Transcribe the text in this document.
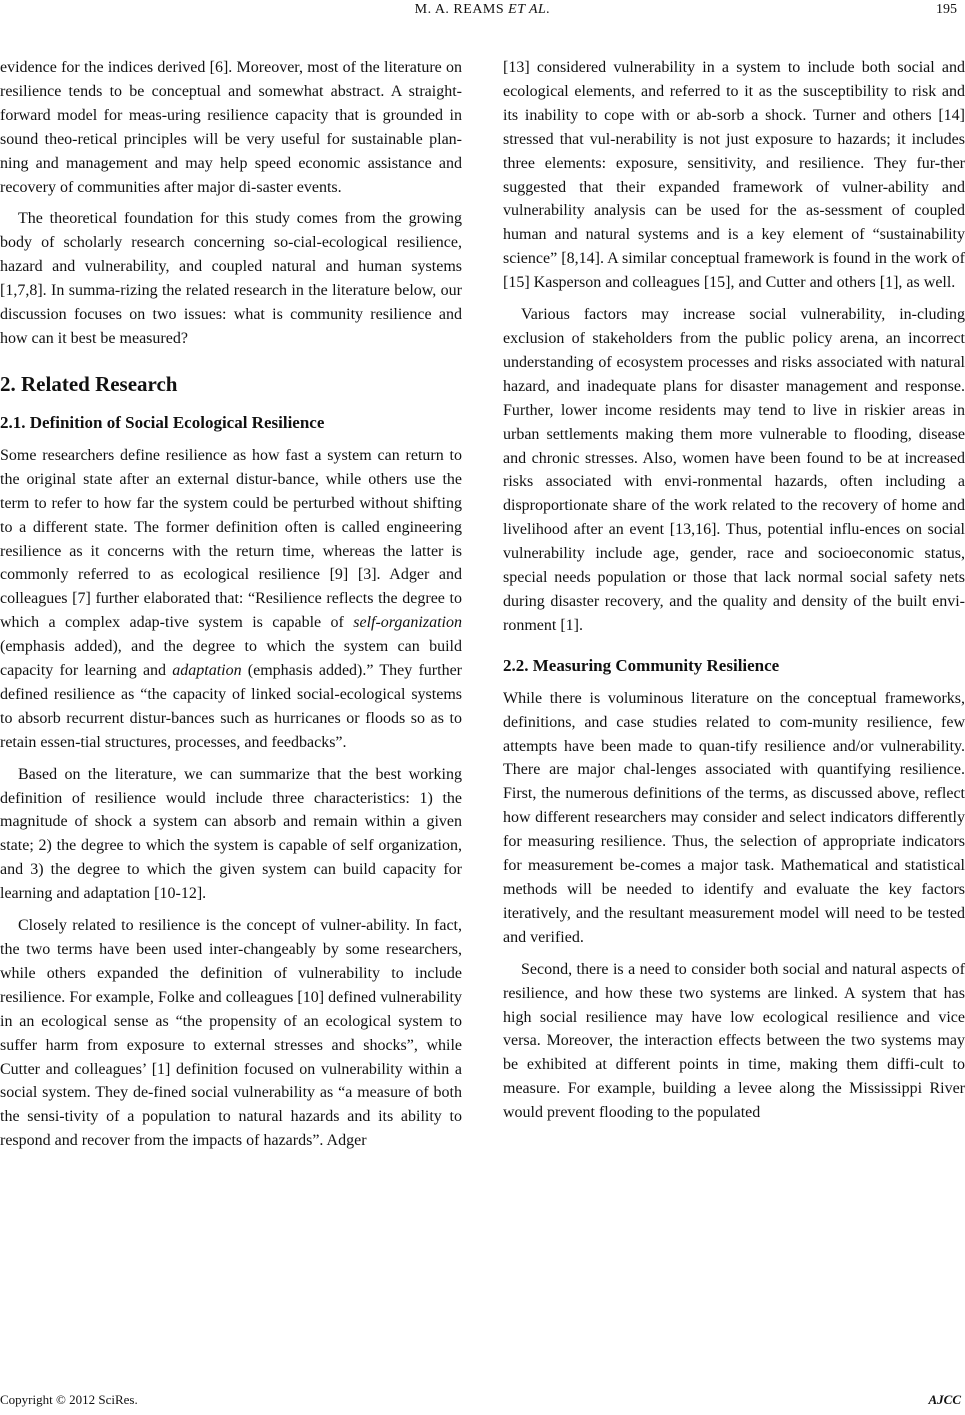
M. A. REAMS ET AL.	195

evidence for the indices derived [6]. Moreover, most of the literature on resilience tends to be conceptual and somewhat abstract. A straight-forward model for meas-uring resilience capacity that is grounded in sound theo-retical principles will be very useful for sustainable plan-ning and management and may help speed economic assistance and recovery of communities after major di-saster events.

The theoretical foundation for this study comes from the growing body of scholarly research concerning so-cial-ecological resilience, hazard and vulnerability, and coupled natural and human systems [1,7,8]. In summa-rizing the related research in the literature below, our discussion focuses on two issues: what is community resilience and how can it best be measured?

2. Related Research
2.1. Definition of Social Ecological Resilience

Some researchers define resilience as how fast a system can return to the original state after an external distur-bance, while others use the term to refer to how far the system could be perturbed without shifting to a different state. The former definition often is called engineering resilience as it concerns with the return time, whereas the latter is commonly referred to as ecological resilience [9] [3]. Adger and colleagues [7] further elaborated that: “Resilience reflects the degree to which a complex adap-tive system is capable of self-organization (emphasis added), and the degree to which the system can build capacity for learning and adaptation (emphasis added).” They further defined resilience as “the capacity of linked social-ecological systems to absorb recurrent distur-bances such as hurricanes or floods so as to retain essen-tial structures, processes, and feedbacks”.

Based on the literature, we can summarize that the best working definition of resilience would include three characteristics: 1) the magnitude of shock a system can absorb and remain within a given state; 2) the degree to which the system is capable of self organization, and 3) the degree to which the given system can build capacity for learning and adaptation [10-12].

Closely related to resilience is the concept of vulner-ability. In fact, the two terms have been used inter-changeably by some researchers, while others expanded the definition of vulnerability to include resilience. For example, Folke and colleagues [10] defined vulnerability in an ecological sense as “the propensity of an ecological system to suffer harm from exposure to external stresses and shocks”, while Cutter and colleagues’ [1] definition focused on vulnerability within a social system. They de-fined social vulnerability as “a measure of both the sensi-tivity of a population to natural hazards and its ability to respond and recover from the impacts of hazards”. Adger

[13] considered vulnerability in a system to include both social and ecological elements, and referred to it as the susceptibility to risk and its inability to cope with or ab-sorb a shock. Turner and others [14] stressed that vul-nerability is not just exposure to hazards; it includes three elements: exposure, sensitivity, and resilience. They fur-ther suggested that their expanded framework of vulner-ability and vulnerability analysis can be used for the as-sessment of coupled human and natural systems and is a key element of “sustainability science” [8,14]. A similar conceptual framework is found in the work of [15] Kasperson and colleagues [15], and Cutter and others [1], as well.

Various factors may increase social vulnerability, in-cluding exclusion of stakeholders from the public policy arena, an incorrect understanding of ecosystem processes and risks associated with natural hazard, and inadequate plans for disaster management and response. Further, lower income residents may tend to live in riskier areas in urban settlements making them more vulnerable to flooding, disease and chronic stresses. Also, women have been found to be at increased risks associated with envi-ronmental hazards, often including a disproportionate share of the work related to the recovery of home and livelihood after an event [13,16]. Thus, potential influ-ences on social vulnerability include age, gender, race and socioeconomic status, special needs population or those that lack normal social safety nets during disaster recovery, and the quality and density of the built envi-ronment [1].

2.2. Measuring Community Resilience

While there is voluminous literature on the conceptual frameworks, definitions, and case studies related to com-munity resilience, few attempts have been made to quan-tify resilience and/or vulnerability. There are major chal-lenges associated with quantifying resilience. First, the numerous definitions of the terms, as discussed above, reflect how different researchers may consider and select indicators differently for measuring resilience. Thus, the selection of appropriate indicators for measurement be-comes a major task. Mathematical and statistical methods will be needed to identify and evaluate the key factors iteratively, and the resultant measurement model will need to be tested and verified.

Second, there is a need to consider both social and natural aspects of resilience, and how these two systems are linked. A system that has high social resilience may have low ecological resilience and vice versa. Moreover, the interaction effects between the two systems may be exhibited at different points in time, making them diffi-cult to measure. For example, building a levee along the Mississippi River would prevent flooding to the populated

Copyright © 2012 SciRes.	AJCC
